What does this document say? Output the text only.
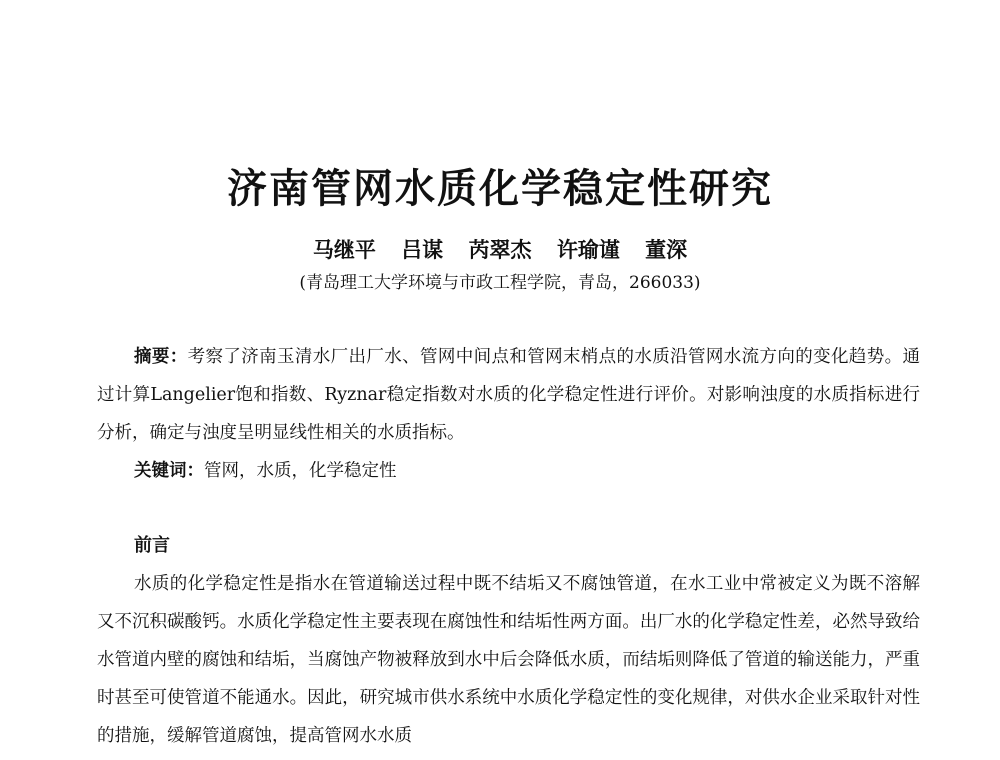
济南管网水质化学稳定性研究
马继平 吕谋 芮翠杰 许瑜谨 董深
(青岛理工大学环境与市政工程学院，青岛，266033)

摘要：考察了济南玉清水厂出厂水、管网中间点和管网末梢点的水质沿管网水流方向的变化趋势。通过计算Langelier饱和指数、Ryznar稳定指数对水质的化学稳定性进行评价。对影响浊度的水质指标进行分析，确定与浊度呈明显线性相关的水质指标。

关键词：管网，水质，化学稳定性
前言

水质的化学稳定性是指水在管道输送过程中既不结垢又不腐蚀管道，在水工业中常被定义为既不溶解又不沉积碳酸钙。水质化学稳定性主要表现在腐蚀性和结垢性两方面。出厂水的化学稳定性差，必然导致给水管道内壁的腐蚀和结垢，当腐蚀产物被释放到水中后会降低水质，而结垢则降低了管道的输送能力，严重时甚至可使管道不能通水。因此，研究城市供水系统中水质化学稳定性的变化规律，对供水企业采取针对性的措施，缓解管道腐蚀，提高管网水水质
